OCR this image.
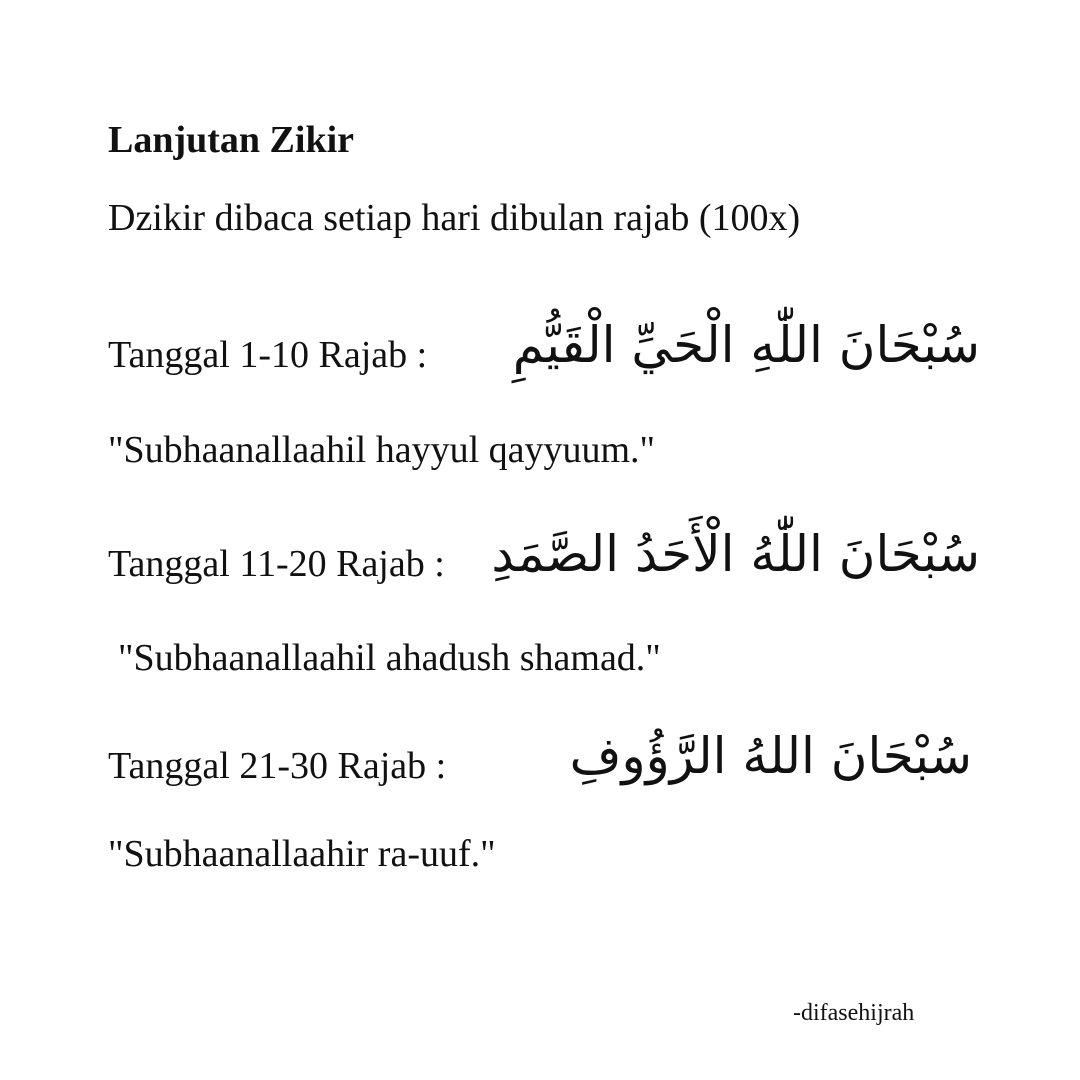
Lanjutan Zikir
Dzikir dibaca setiap hari dibulan rajab (100x)
Tanggal 1-10 Rajab : سُبْحَانَ اللّٰهِ الْحَيِّ الْقَيُّمِ
"Subhaanallaahil hayyul qayyuum."
Tanggal 11-20 Rajab : سُبْحَانَ اللّٰهُ الْأَحَدُ الصَّمَدِ
"Subhaanallaahil ahadush shamad."
Tanggal 21-30 Rajab : سُبْحَانَ اللهُ الرَّؤُوفِ
"Subhaanallaahir ra-uuf."
-difasehijrah
